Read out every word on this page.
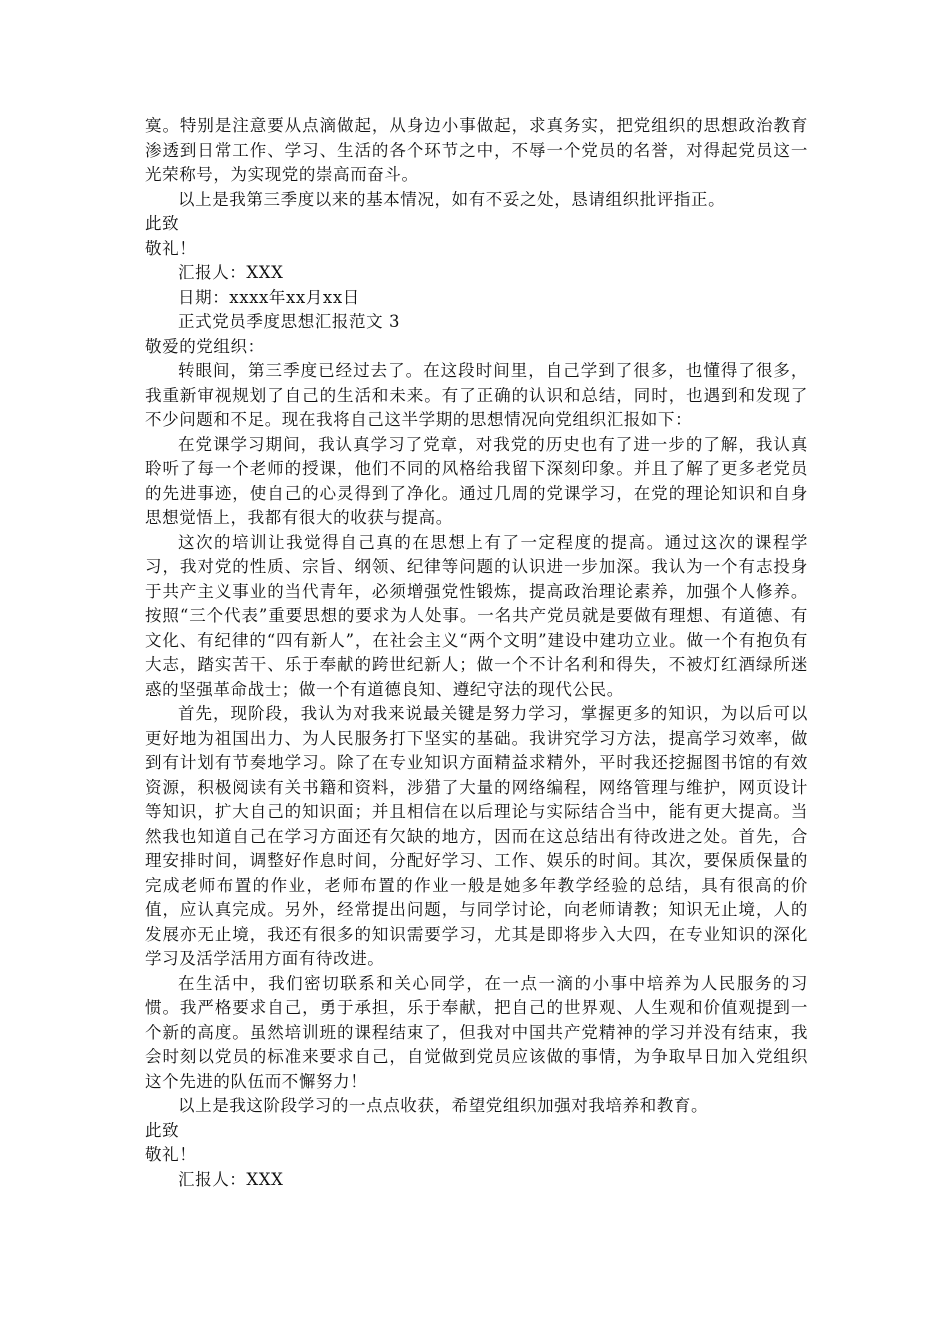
寞。特别是注意要从点滴做起，从身边小事做起，求真务实，把党组织的思想政治教育渗透到日常工作、学习、生活的各个环节之中，不辱一个党员的名誉，对得起党员这一光荣称号，为实现党的崇高而奋斗。

以上是我第三季度以来的基本情况，如有不妥之处，恳请组织批评指正。

此致

敬礼！

汇报人：XXX

日期：xxxx年xx月xx日

正式党员季度思想汇报范文 3

敬爱的党组织：

转眼间，第三季度已经过去了。在这段时间里，自己学到了很多，也懂得了很多，我重新审视规划了自己的生活和未来。有了正确的认识和总结，同时，也遇到和发现了不少问题和不足。现在我将自己这半学期的思想情况向党组织汇报如下：

在党课学习期间，我认真学习了党章，对我党的历史也有了进一步的了解，我认真聆听了每一个老师的授课，他们不同的风格给我留下深刻印象。并且了解了更多老党员的先进事迹，使自己的心灵得到了净化。通过几周的党课学习，在党的理论知识和自身思想觉悟上，我都有很大的收获与提高。

这次的培训让我觉得自己真的在思想上有了一定程度的提高。通过这次的课程学习，我对党的性质、宗旨、纲领、纪律等问题的认识进一步加深。我认为一个有志投身于共产主义事业的当代青年，必须增强党性锻炼，提高政治理论素养，加强个人修养。按照“三个代表”重要思想的要求为人处事。一名共产党员就是要做有理想、有道德、有文化、有纪律的“四有新人”，在社会主义“两个文明”建设中建功立业。做一个有抱负有大志，踏实苦干、乐于奉献的跨世纪新人；做一个不计名利和得失，不被灯红酒绿所迷惑的坚强革命战士；做一个有道德良知、遵纪守法的现代公民。

首先，现阶段，我认为对我来说最关键是努力学习，掌握更多的知识，为以后可以更好地为祖国出力、为人民服务打下坚实的基础。我讲究学习方法，提高学习效率，做到有计划有节奏地学习。除了在专业知识方面精益求精外，平时我还挖掘图书馆的有效资源，积极阅读有关书籍和资料，涉猎了大量的网络编程，网络管理与维护，网页设计等知识，扩大自己的知识面；并且相信在以后理论与实际结合当中，能有更大提高。当然我也知道自己在学习方面还有欠缺的地方，因而在这总结出有待改进之处。首先，合理安排时间，调整好作息时间，分配好学习、工作、娱乐的时间。其次，要保质保量的完成老师布置的作业，老师布置的作业一般是她多年教学经验的总结，具有很高的价值，应认真完成。另外，经常提出问题，与同学讨论，向老师请教；知识无止境，人的发展亦无止境，我还有很多的知识需要学习，尤其是即将步入大四，在专业知识的深化学习及活学活用方面有待改进。

在生活中，我们密切联系和关心同学，在一点一滴的小事中培养为人民服务的习惯。我严格要求自己，勇于承担，乐于奉献，把自己的世界观、人生观和价值观提到一个新的高度。虽然培训班的课程结束了，但我对中国共产党精神的学习并没有结束，我会时刻以党员的标准来要求自己，自觉做到党员应该做的事情，为争取早日加入党组织这个先进的队伍而不懈努力！

以上是我这阶段学习的一点点收获，希望党组织加强对我培养和教育。

此致

敬礼！

汇报人：XXX
